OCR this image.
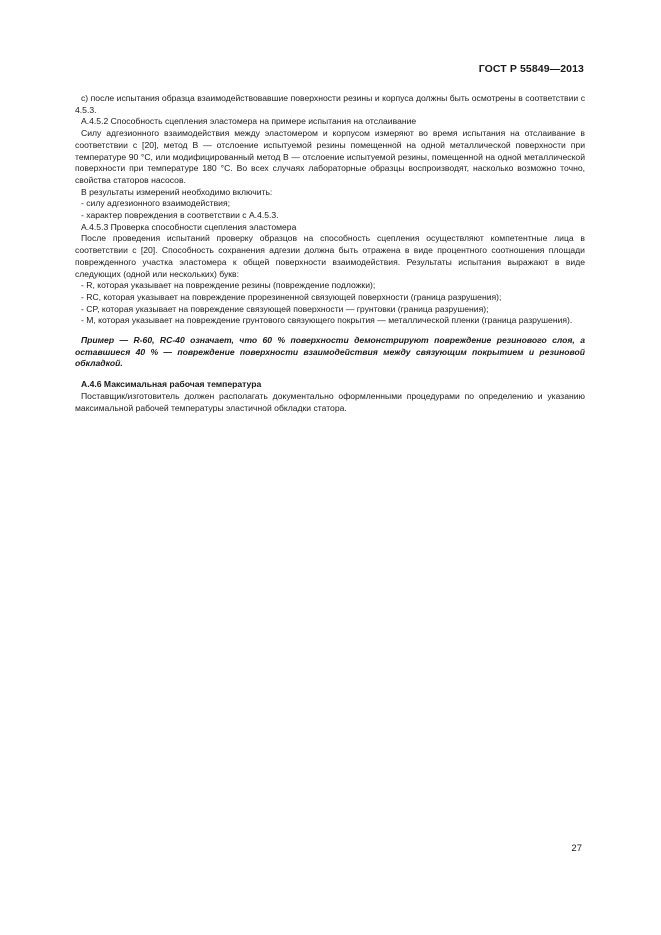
ГОСТ Р 55849—2013

с) после испытания образца взаимодействовавшие поверхности резины и корпуса должны быть осмотрены в соответствии с 4.5.3.

А.4.5.2 Способность сцепления эластомера на примере испытания на отслаивание

Силу адгезионного взаимодействия между эластомером и корпусом измеряют во время испытания на отслаивание в соответствии с [20], метод В — отслоение испытуемой резины помещенной на одной металлической поверхности при температуре 90 °C, или модифицированный метод В — отслоение испытуемой резины, помещенной на одной металлической поверхности при температуре 180 °C. Во всех случаях лабораторные образцы воспроизводят, насколько возможно точно, свойства статоров насосов.

В результаты измерений необходимо включить:

- силу адгезионного взаимодействия;

- характер повреждения в соответствии с А.4.5.3.

А.4.5.3 Проверка способности сцепления эластомера

После проведения испытаний проверку образцов на способность сцепления осуществляют компетентные лица в соответствии с [20]. Способность сохранения адгезии должна быть отражена в виде процентного соотношения площади поврежденного участка эластомера к общей поверхности взаимодействия. Результаты испытания выражают в виде следующих (одной или нескольких) букв:

- R, которая указывает на повреждение резины (повреждение подложки);

- RC, которая указывает на повреждение прорезиненной связующей поверхности (граница разрушения);

- CP, которая указывает на повреждение связующей поверхности — грунтовки (граница разрушения);

- M, которая указывает на повреждение грунтового связующего покрытия — металлической пленки (граница разрушения).

Пример — R-60, RC-40 означает, что 60 % поверхности демонстрируют повреждение резинового слоя, а оставшиеся 40 % — повреждение поверхности взаимодействия между связующим покрытием и резиновой обкладкой.

А.4.6 Максимальная рабочая температура

Поставщик/изготовитель должен располагать документально оформленными процедурами по определению и указанию максимальной рабочей температуры эластичной обкладки статора.

27
